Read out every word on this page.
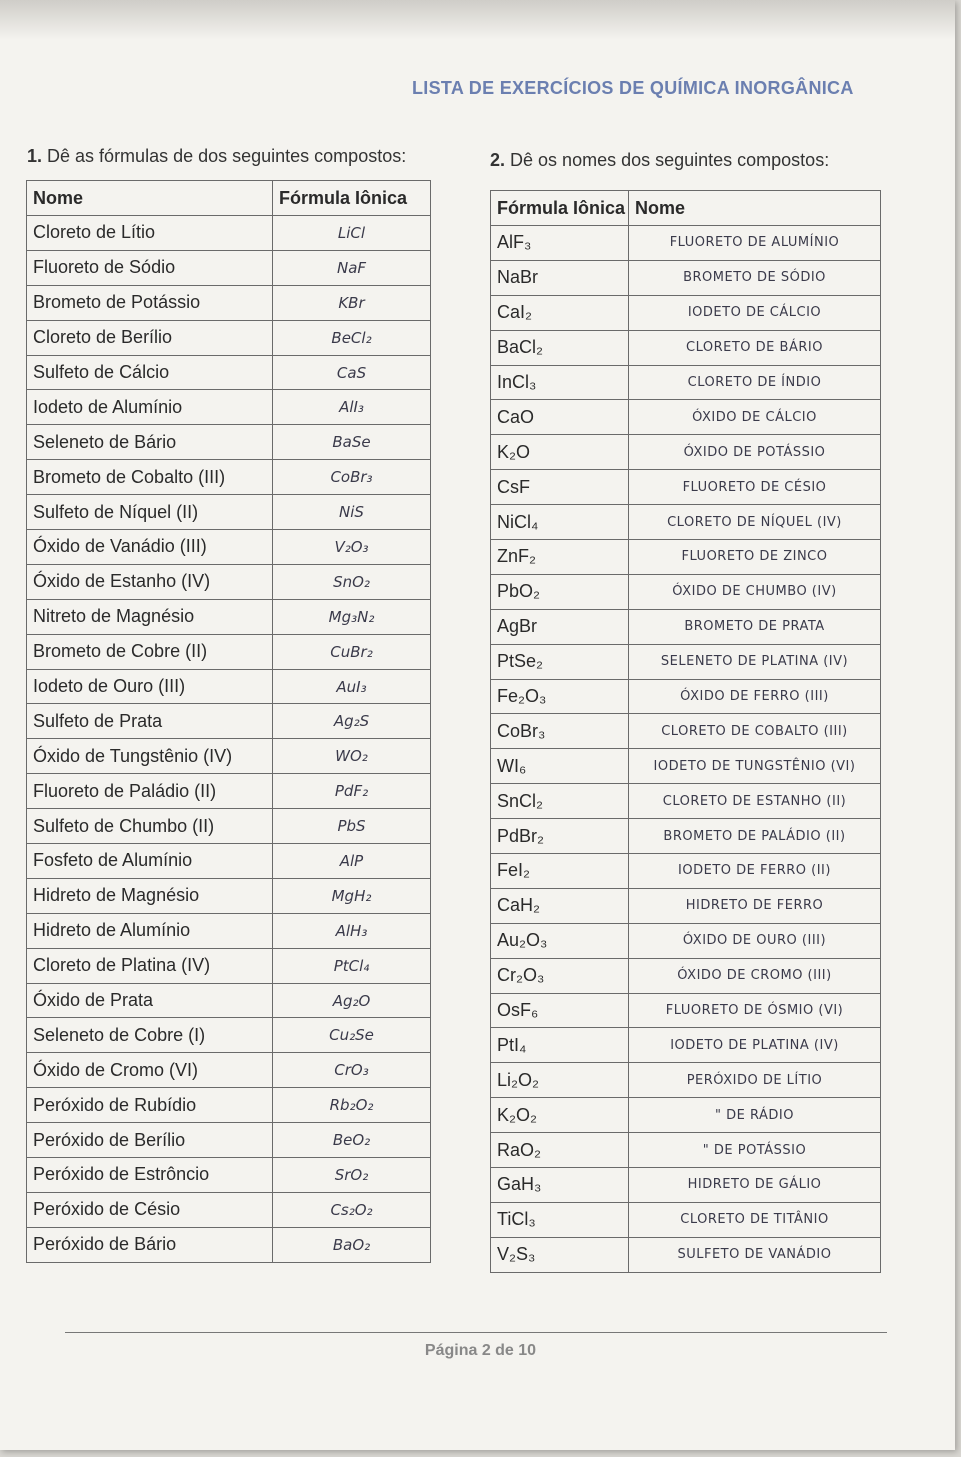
LISTA DE EXERCÍCIOS DE QUÍMICA INORGÂNICA
1. Dê as fórmulas de dos seguintes compostos:	2. Dê os nomes dos seguintes compostos:
Nome	Fórmula Iônica
Cloreto de Lítio	LiCl
Fluoreto de Sódio	NaF
Brometo de Potássio	KBr
Cloreto de Berílio	BeCl₂
Sulfeto de Cálcio	CaS
Iodeto de Alumínio	AlI₃
Seleneto de Bário	BaSe
Brometo de Cobalto (III)	CoBr₃
Sulfeto de Níquel (II)	NiS
Óxido de Vanádio (III)	V₂O₃
Óxido de Estanho (IV)	SnO₂
Nitreto de Magnésio	Mg₃N₂
Brometo de Cobre (II)	CuBr₂
Iodeto de Ouro (III)	AuI₃
Sulfeto de Prata	Ag₂S
Óxido de Tungstênio (IV)	WO₂
Fluoreto de Paládio (II)	PdF₂
Sulfeto de Chumbo (II)	PbS
Fosfeto de Alumínio	AlP
Hidreto de Magnésio	MgH₂
Hidreto de Alumínio	AlH₃
Cloreto de Platina (IV)	PtCl₄
Óxido de Prata	Ag₂O
Seleneto de Cobre (I)	Cu₂Se
Óxido de Cromo (VI)	CrO₃
Peróxido de Rubídio	Rb₂O₂
Peróxido de Berílio	BeO₂
Peróxido de Estrôncio	SrO₂
Peróxido de Césio	Cs₂O₂
Peróxido de Bário	BaO₂
Fórmula Iônica	Nome
AlF₃	FLUORETO DE ALUMÍNIO
NaBr	BROMETO DE SÓDIO
CaI₂	IODETO DE CÁLCIO
BaCl₂	CLORETO DE BÁRIO
InCl₃	CLORETO DE ÍNDIO
CaO	ÓXIDO DE CÁLCIO
K₂O	ÓXIDO DE POTÁSSIO
CsF	FLUORETO DE CÉSIO
NiCl₄	CLORETO DE NÍQUEL (IV)
ZnF₂	FLUORETO DE ZINCO
PbO₂	ÓXIDO DE CHUMBO (IV)
AgBr	BROMETO DE PRATA
PtSe₂	SELENETO DE PLATINA (IV)
Fe₂O₃	ÓXIDO DE FERRO (III)
CoBr₃	CLORETO DE COBALTO (III)
WI₆	IODETO DE TUNGSTÊNIO (VI)
SnCl₂	CLORETO DE ESTANHO (II)
PdBr₂	BROMETO DE PALÁDIO (II)
FeI₂	IODETO DE FERRO (II)
CaH₂	HIDRETO DE FERRO
Au₂O₃	ÓXIDO DE OURO (III)
Cr₂O₃	ÓXIDO DE CROMO (III)
OsF₆	FLUORETO DE ÓSMIO (VI)
PtI₄	IODETO DE PLATINA (IV)
Li₂O₂	PERÓXIDO DE LÍTIO
K₂O₂	" DE RÁDIO
RaO₂	" DE POTÁSSIO
GaH₃	HIDRETO DE GÁLIO
TiCl₃	CLORETO DE TITÂNIO
V₂S₃	SULFETO DE VANÁDIO
Página 2 de 10
